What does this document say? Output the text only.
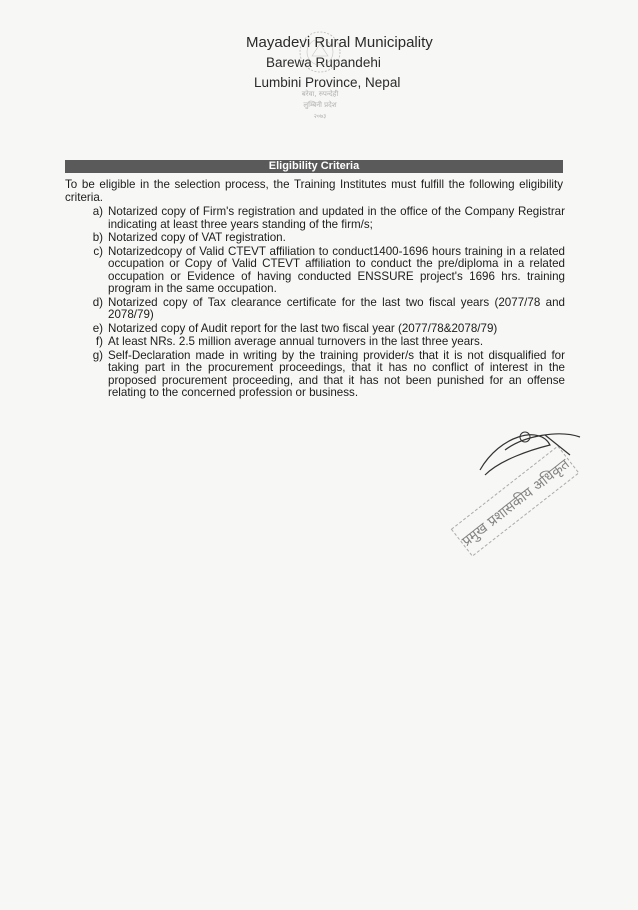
Mayadevi Rural Municipality
Barewa Rupandehi
Lumbini Province, Nepal
बरेवा, रुपन्देही
लुम्बिनी प्रदेश
२०७३
Eligibility Criteria
To be eligible in the selection process, the Training Institutes must fulfill the following eligibility criteria.
a) Notarized copy of Firm's registration and updated in the office of the Company Registrar indicating at least three years standing of the firm/s;
b) Notarized copy of VAT registration.
c) Notarizedcopy of Valid CTEVT affiliation to conduct1400-1696 hours training in a related occupation or Copy of Valid CTEVT affiliation to conduct the pre/diploma in a related occupation or Evidence of having conducted ENSSURE project's 1696 hrs. training program in the same occupation.
d) Notarized copy of Tax clearance certificate for the last two fiscal years (2077/78 and 2078/79)
e) Notarized copy of Audit report for the last two fiscal year (2077/78&2078/79)
f) At least NRs. 2.5 million average annual turnovers in the last three years.
g) Self-Declaration made in writing by the training provider/s that it is not disqualified for taking part in the procurement proceedings, that it has no conflict of interest in the proposed procurement proceeding, and that it has not been punished for an offense relating to the concerned profession or business.
प्रमुख प्रशासकीय अधिकृत
